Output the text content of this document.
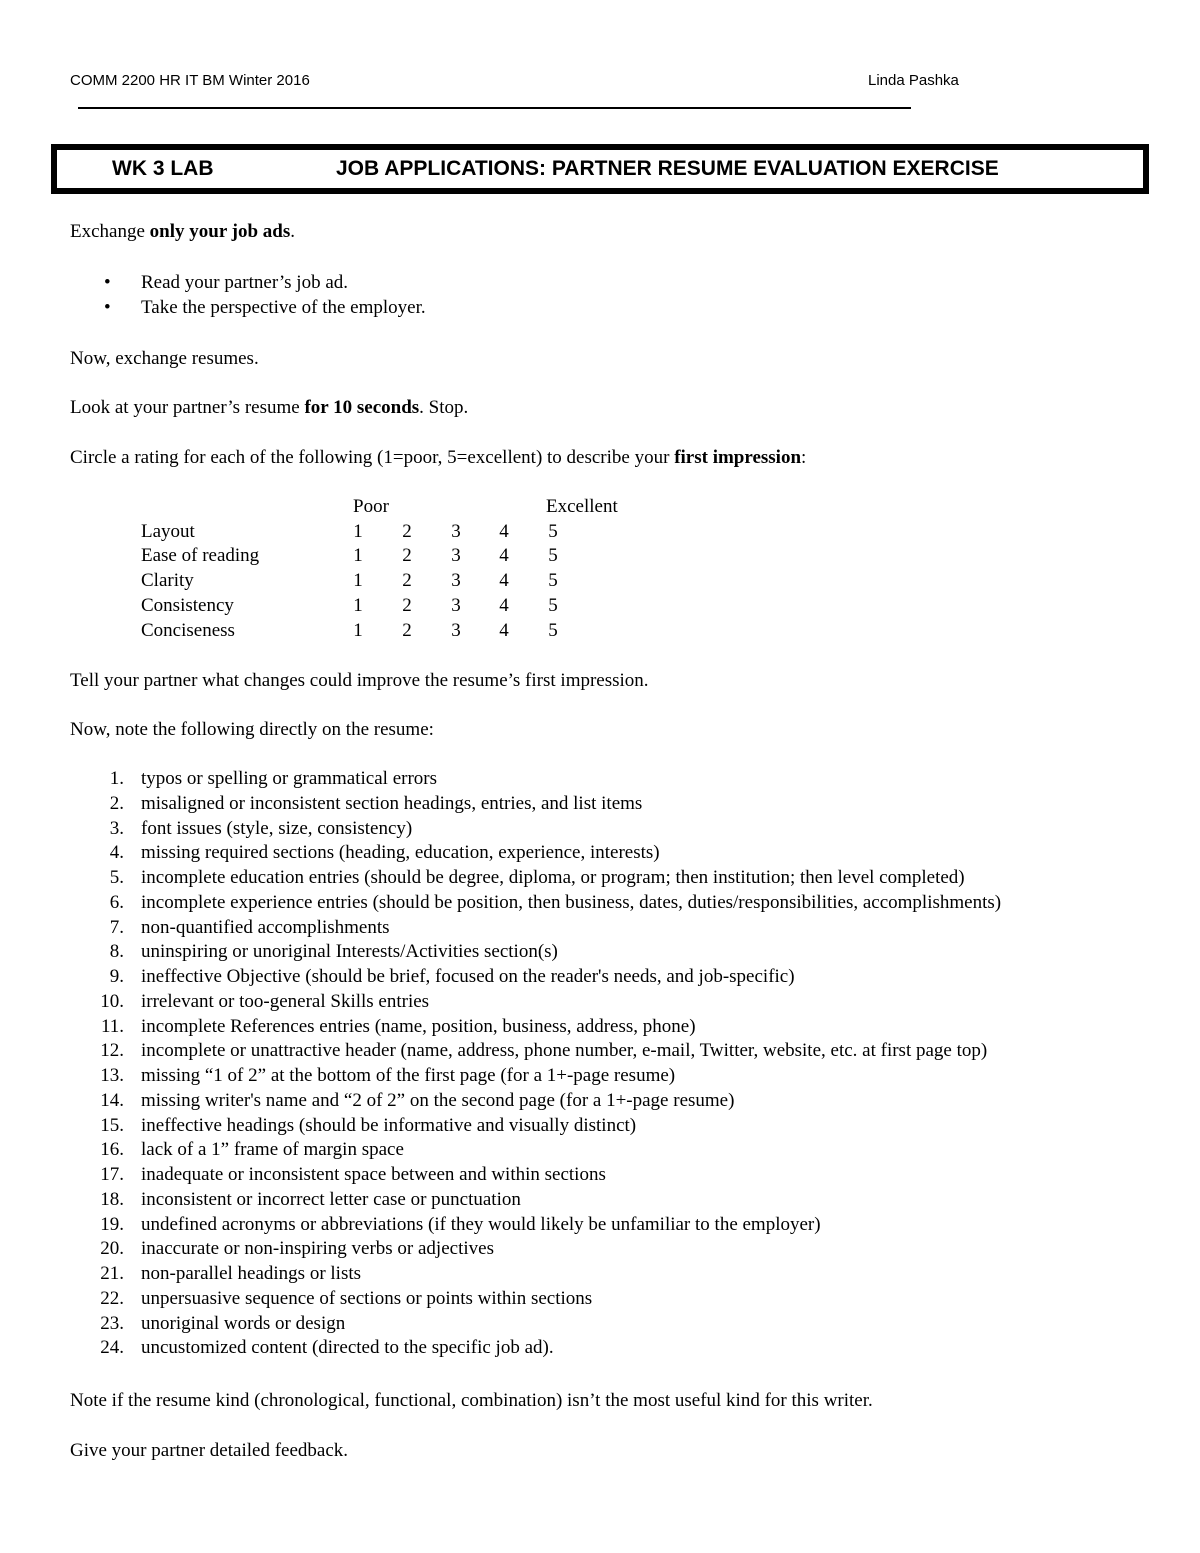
COMM 2200 HR IT BM Winter 2016	Linda Pashka
WK 3 LAB	JOB APPLICATIONS: PARTNER RESUME EVALUATION EXERCISE
Exchange only your job ads.
• Read your partner’s job ad.
• Take the perspective of the employer.
Now, exchange resumes.
Look at your partner’s resume for 10 seconds. Stop.
Circle a rating for each of the following (1=poor, 5=excellent) to describe your first impression:
Poor	Excellent
Layout	1 2 3 4 5
Ease of reading	1 2 3 4 5
Clarity	1 2 3 4 5
Consistency	1 2 3 4 5
Conciseness	1 2 3 4 5
Tell your partner what changes could improve the resume’s first impression.
Now, note the following directly on the resume:
1. typos or spelling or grammatical errors
2. misaligned or inconsistent section headings, entries, and list items
3. font issues (style, size, consistency)
4. missing required sections (heading, education, experience, interests)
5. incomplete education entries (should be degree, diploma, or program; then institution; then level completed)
6. incomplete experience entries (should be position, then business, dates, duties/responsibilities, accomplishments)
7. non-quantified accomplishments
8. uninspiring or unoriginal Interests/Activities section(s)
9. ineffective Objective (should be brief, focused on the reader's needs, and job-specific)
10. irrelevant or too-general Skills entries
11. incomplete References entries (name, position, business, address, phone)
12. incomplete or unattractive header (name, address, phone number, e-mail, Twitter, website, etc. at first page top)
13. missing “1 of 2” at the bottom of the first page (for a 1+-page resume)
14. missing writer's name and “2 of 2” on the second page (for a 1+-page resume)
15. ineffective headings (should be informative and visually distinct)
16. lack of a 1” frame of margin space
17. inadequate or inconsistent space between and within sections
18. inconsistent or incorrect letter case or punctuation
19. undefined acronyms or abbreviations (if they would likely be unfamiliar to the employer)
20. inaccurate or non-inspiring verbs or adjectives
21. non-parallel headings or lists
22. unpersuasive sequence of sections or points within sections
23. unoriginal words or design
24. uncustomized content (directed to the specific job ad).
Note if the resume kind (chronological, functional, combination) isn’t the most useful kind for this writer.
Give your partner detailed feedback.
